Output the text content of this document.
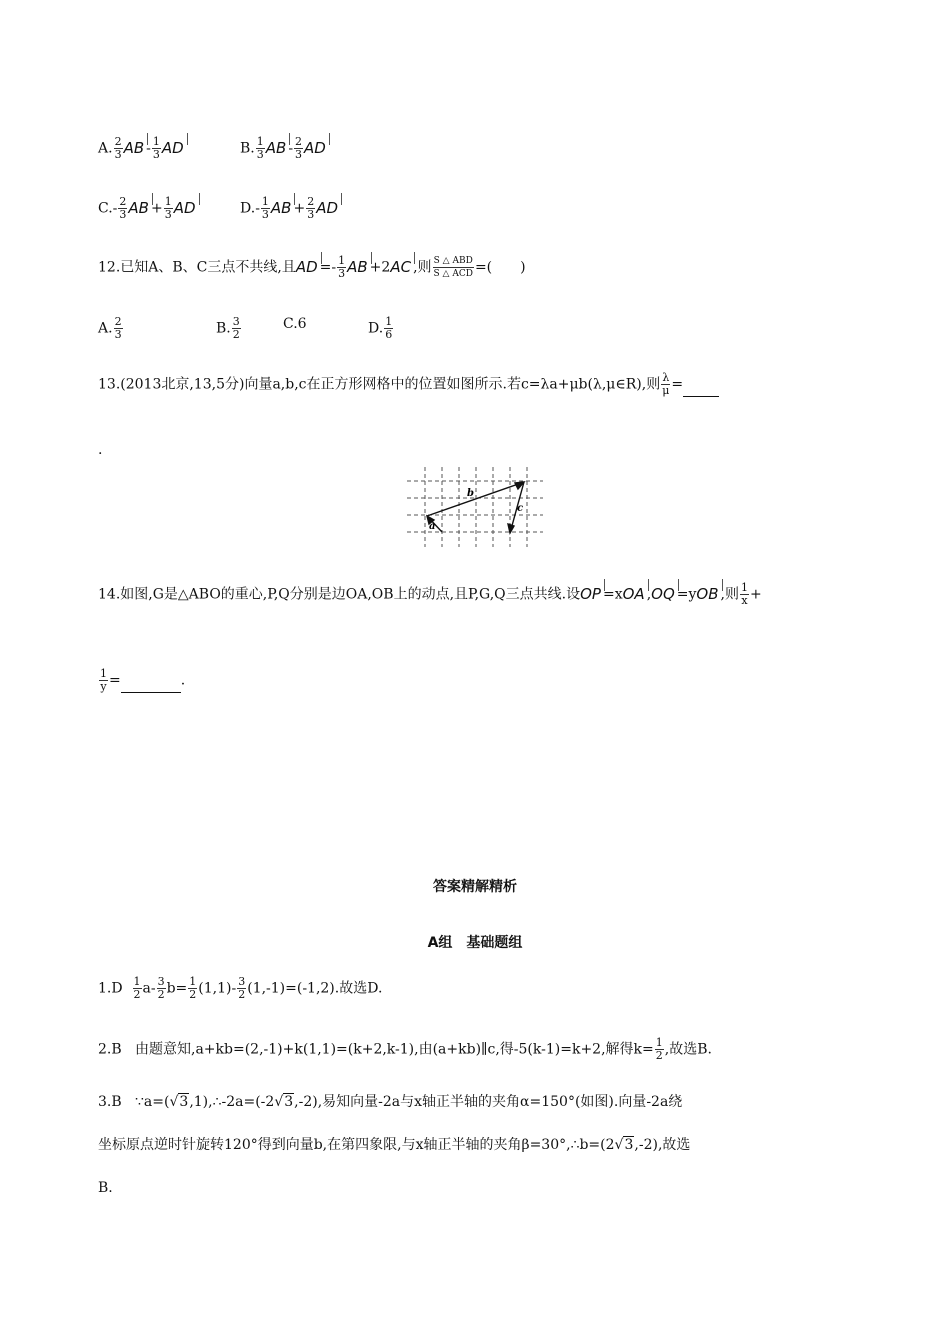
A. $\frac{2}{3}$ AB - $\frac{1}{3}$ AD	B. $\frac{1}{3}$ AB - $\frac{2}{3}$ AD
$C.- \frac{2}{3}$ AB + $\frac{1}{3}$ AD	$D.- \frac{1}{3}$ AB + $\frac{2}{3}$ AD
12.已知A、B、C三点不共线,且AD =- $\frac{1}{3}$ AB +2AC ,则 $\frac{\text{S △ ABD}}{\text{S △ ACD}}$ =(　　)
A. $\frac{2}{3}$	B. $\frac{3}{2}$	C.6	D. $\frac{1}{6}$
13.(2013北京,13,5分)向量a,b,c在正方形网格中的位置如图所示.若c=λa+μb(λ,μ∈R),则 $\frac{\lambda}{\mu}$ =
.
b
c
a
14.如图,G是△ABO的重心,P,Q分别是边OA,OB上的动点,且P,G,Q三点共线.设OP =xOA ,OQ =yOB ,则 $\frac{1}{x}$ +
$\frac{1}{y}$ =	.
答案精解精析
A组　基础题组
$1.D \frac{1}{2} a- \frac{3}{2} b= \frac{1}{2} (1,1)- \frac{3}{2} (1,-1)=(-1,2)$.故选D.
2.B 由题意知,a+kb=(2,-1)+k(1,1)=(k+2,k-1),由(a+kb)∥c,得-5(k-1)=k+2,解得$k= \frac{1}{2}$ ,故选B.
3.B ∵a=(√3,1),∴-2a=(-2√3,-2),易知向量-2a与x轴正半轴的夹角α=150°(如图).向量-2a绕
坐标原点逆时针旋转120°得到向量b,在第四象限,与x轴正半轴的夹角β=30°,∴b=(2√3,-2),故选
B.
